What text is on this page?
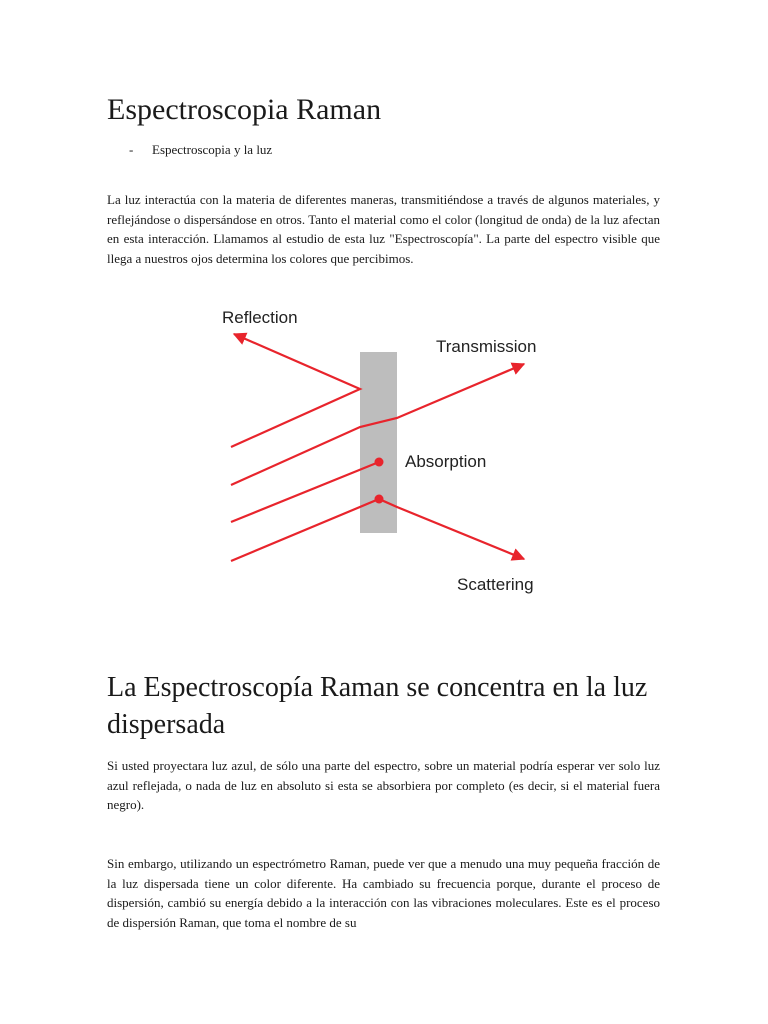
Espectroscopia Raman
- Espectroscopia y la luz

La luz interactúa con la materia de diferentes maneras, transmitiéndose a través de algunos materiales, y reflejándose o dispersándose en otros. Tanto el material como el color (longitud de onda) de la luz afectan en esta interacción. Llamamos al estudio de esta luz "Espectroscopía". La parte del espectro visible que llega a nuestros ojos determina los colores que percibimos.

Reflection
Transmission
Absorption
Scattering
La Espectroscopía Raman se concentra en la luz dispersada

Si usted proyectara luz azul, de sólo una parte del espectro, sobre un material podría esperar ver solo luz azul reflejada, o nada de luz en absoluto si esta se absorbiera por completo (es decir, si el material fuera negro).

Sin embargo, utilizando un espectrómetro Raman, puede ver que a menudo una muy pequeña fracción de la luz dispersada tiene un color diferente. Ha cambiado su frecuencia porque, durante el proceso de dispersión, cambió su energía debido a la interacción con las vibraciones moleculares. Este es el proceso de dispersión Raman, que toma el nombre de su
